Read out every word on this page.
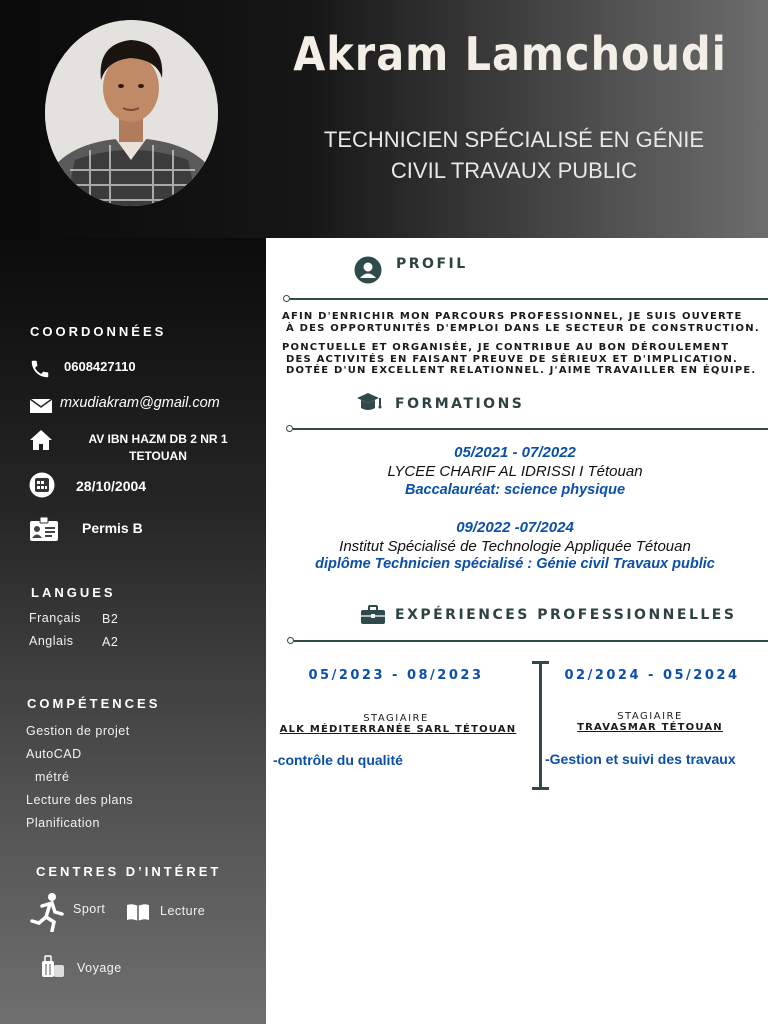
Akram Lamchoudi
TECHNICIEN SPÉCIALISÉ EN GÉNIE
CIVIL TRAVAUX PUBLIC
COORDONNÉES
0608427110
mxudiakram@gmail.com
AV IBN HAZM DB 2 NR 1
TETOUAN
28/10/2004
Permis B
LANGUES
Français B2
Anglais A2
COMPÉTENCES
Gestion de projet
AutoCAD
métré
Lecture des plans
Planification
CENTRES D’INTÉRET
Sport	Lecture
Voyage
PROFIL
AFIN D'ENRICHIR MON PARCOURS PROFESSIONNEL, JE SUIS OUVERTE
À DES OPPORTUNITÉS D'EMPLOI DANS LE SECTEUR DE CONSTRUCTION.
PONCTUELLE ET ORGANISÉE, JE CONTRIBUE AU BON DÉROULEMENT
DES ACTIVITÉS EN FAISANT PREUVE DE SÉRIEUX ET D'IMPLICATION.
DOTÉE D'UN EXCELLENT RELATIONNEL. J'AIME TRAVAILLER EN ÉQUIPE.
FORMATIONS
05/2021 - 07/2022
LYCEE CHARIF AL IDRISSI I Tétouan
Baccalauréat: science physique
09/2022 -07/2024
Institut Spécialisé de Technologie Appliquée Tétouan
diplôme Technicien spécialisé : Génie civil Travaux public
EXPÉRIENCES PROFESSIONNELLES
05/2023 - 08/2023
STAGIAIRE
ALK MÉDITERRANÉE SARL TÉTOUAN
-contrôle du qualité
02/2024 - 05/2024
STAGIAIRE
TRAVASMAR TÉTOUAN
-Gestion et suivi des travaux
